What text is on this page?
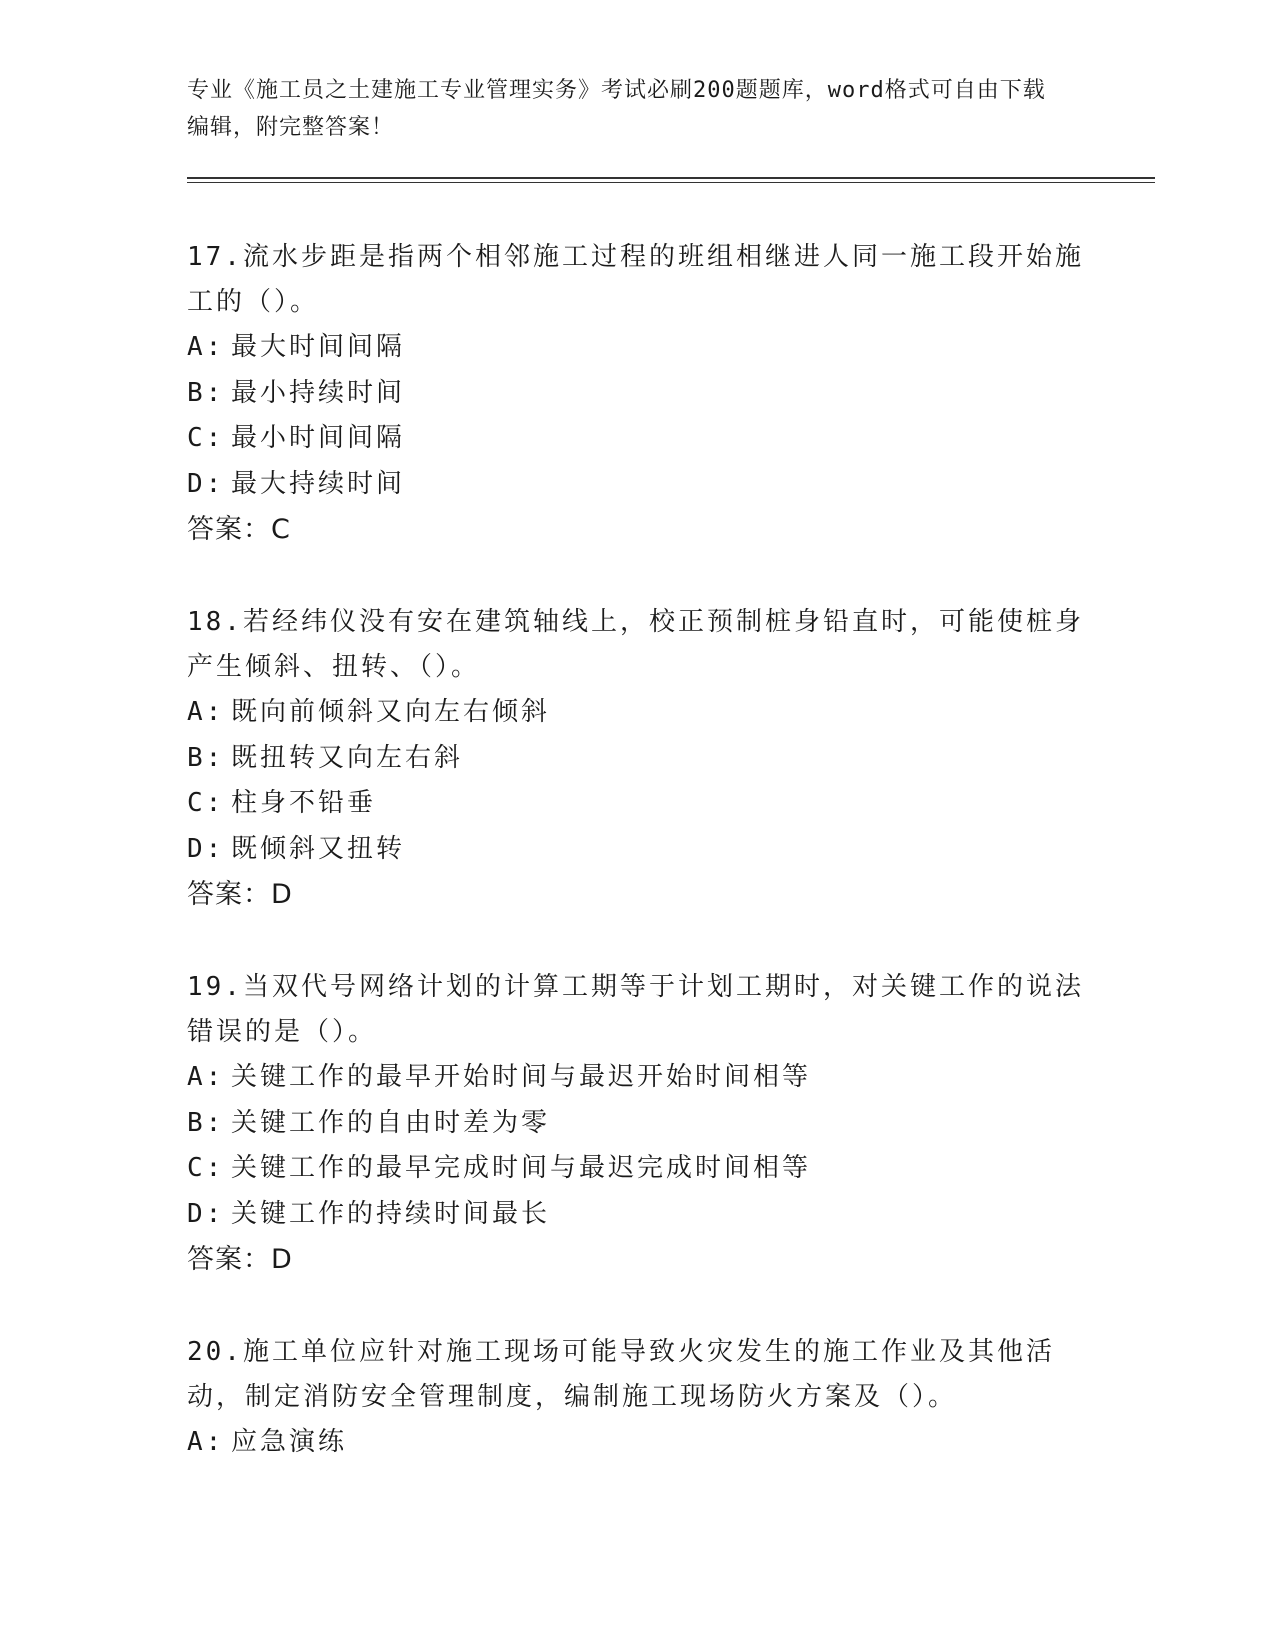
专业《施工员之土建施工专业管理实务》考试必刷200题题库，word格式可自由下载编辑，附完整答案！

17.流水步距是指两个相邻施工过程的班组相继进人同一施工段开始施工的（）。

A: 最大时间间隔

B: 最小持续时间

C: 最小时间间隔

D: 最大持续时间

答案：C

18.若经纬仪没有安在建筑轴线上，校正预制桩身铅直时，可能使桩身产生倾斜、扭转、（）。

A: 既向前倾斜又向左右倾斜

B: 既扭转又向左右斜

C: 柱身不铅垂

D: 既倾斜又扭转

答案：D

19.当双代号网络计划的计算工期等于计划工期时，对关键工作的说法错误的是（）。

A: 关键工作的最早开始时间与最迟开始时间相等

B: 关键工作的自由时差为零

C: 关键工作的最早完成时间与最迟完成时间相等

D: 关键工作的持续时间最长

答案：D

20.施工单位应针对施工现场可能导致火灾发生的施工作业及其他活动，制定消防安全管理制度，编制施工现场防火方案及（）。

A: 应急演练
